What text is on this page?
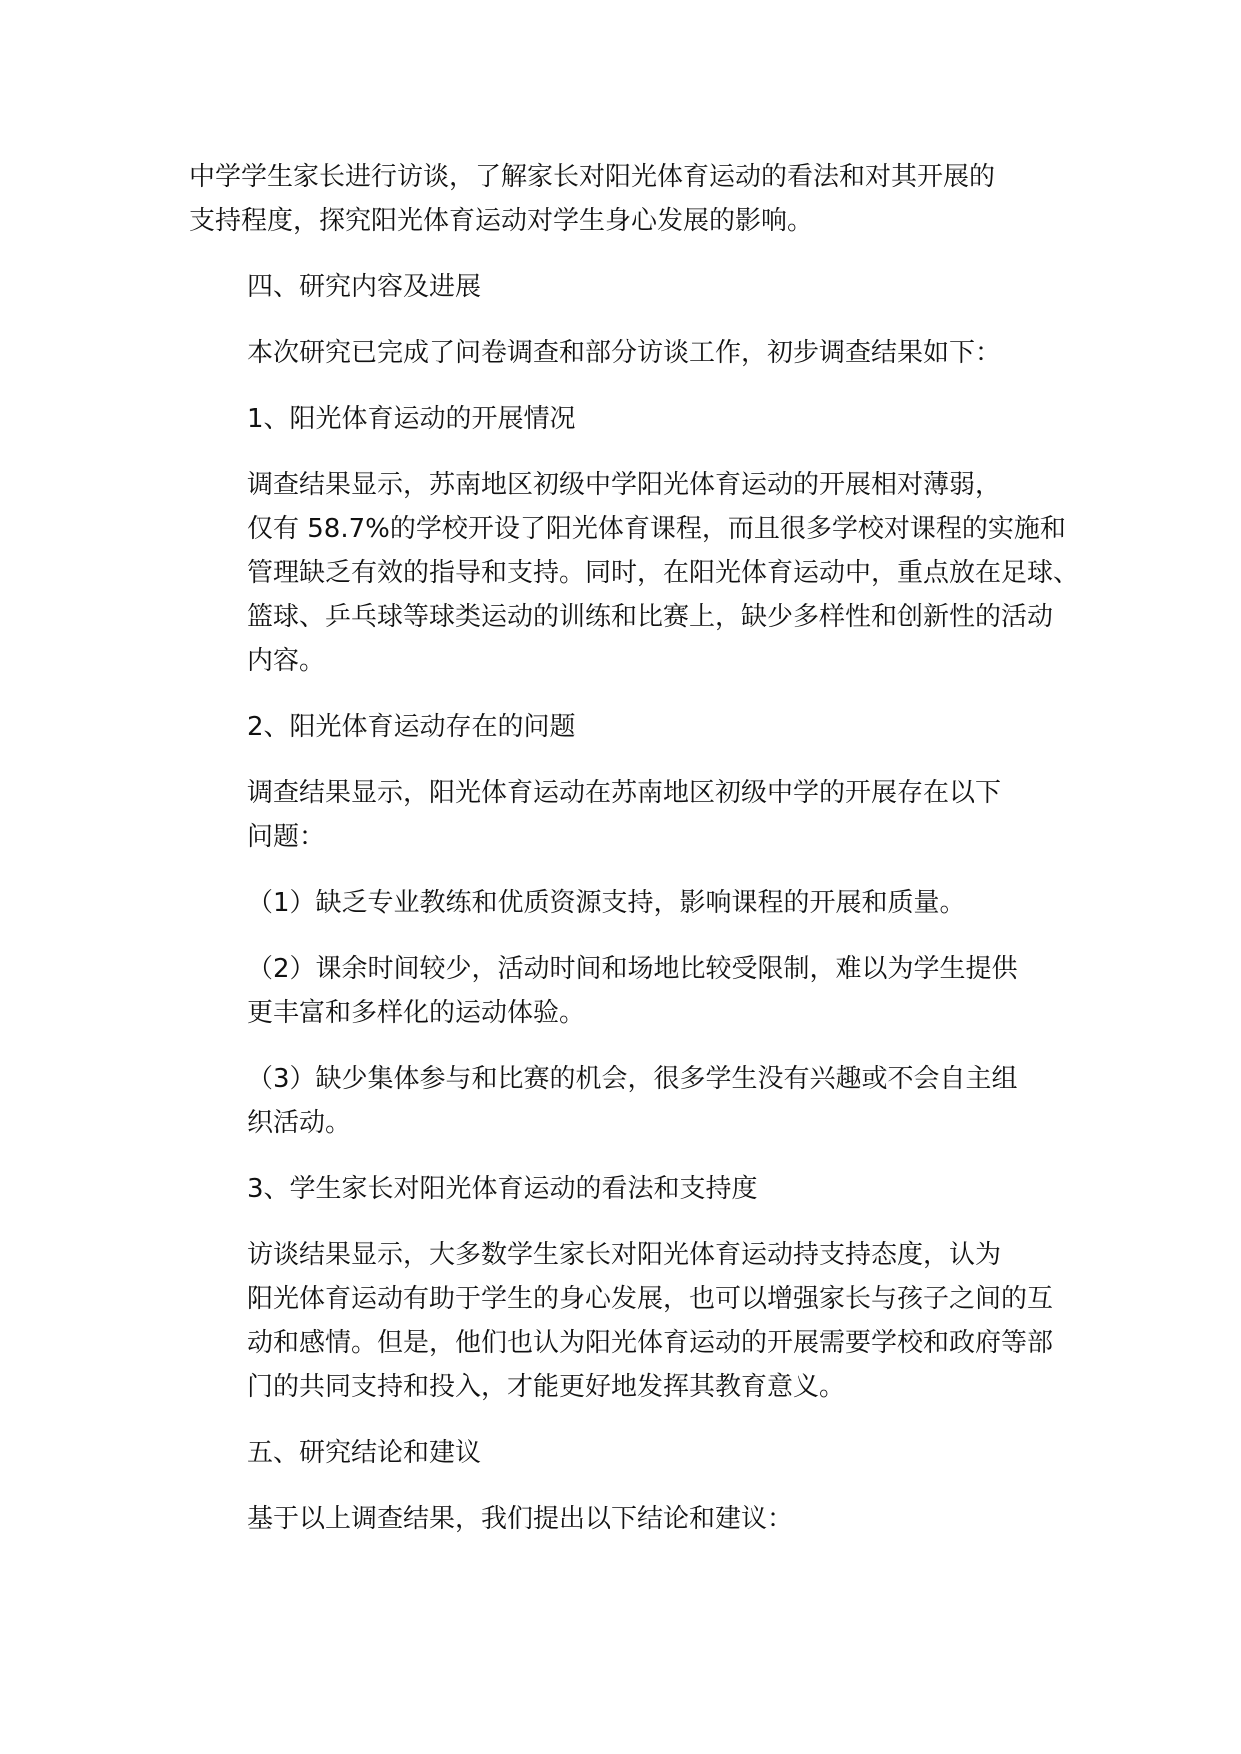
中学学生家长进行访谈，了解家长对阳光体育运动的看法和对其开展的
支持程度，探究阳光体育运动对学生身心发展的影响。
四、研究内容及进展
本次研究已完成了问卷调查和部分访谈工作，初步调查结果如下：
1、阳光体育运动的开展情况
调查结果显示，苏南地区初级中学阳光体育运动的开展相对薄弱，
仅有 58.7%的学校开设了阳光体育课程，而且很多学校对课程的实施和
管理缺乏有效的指导和支持。同时，在阳光体育运动中，重点放在足球、
篮球、乒乓球等球类运动的训练和比赛上，缺少多样性和创新性的活动
内容。
2、阳光体育运动存在的问题
调查结果显示，阳光体育运动在苏南地区初级中学的开展存在以下
问题：
（1）缺乏专业教练和优质资源支持，影响课程的开展和质量。
（2）课余时间较少，活动时间和场地比较受限制，难以为学生提供
更丰富和多样化的运动体验。
（3）缺少集体参与和比赛的机会，很多学生没有兴趣或不会自主组
织活动。
3、学生家长对阳光体育运动的看法和支持度
访谈结果显示，大多数学生家长对阳光体育运动持支持态度，认为
阳光体育运动有助于学生的身心发展，也可以增强家长与孩子之间的互
动和感情。但是，他们也认为阳光体育运动的开展需要学校和政府等部
门的共同支持和投入，才能更好地发挥其教育意义。
五、研究结论和建议
基于以上调查结果，我们提出以下结论和建议：
